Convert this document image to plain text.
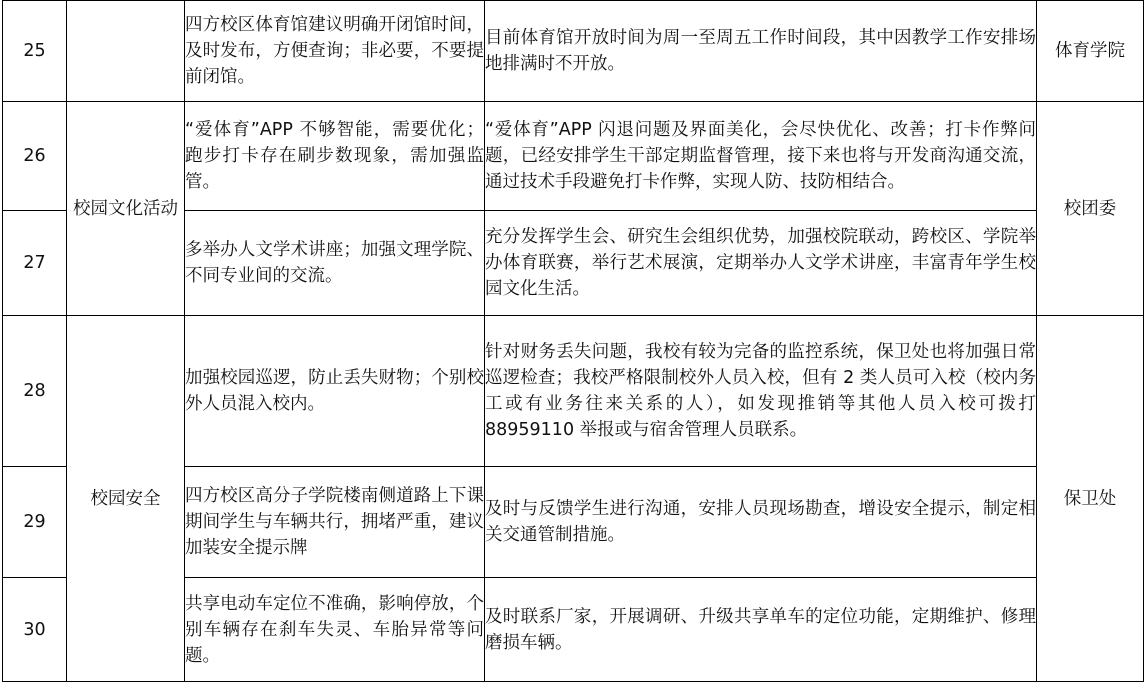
25		四方校区体育馆建议明确开闭馆时间，及时发布，方便查询；非必要，不要提前闭馆。	目前体育馆开放时间为周一至周五工作时间段，其中因教学工作安排场地排满时不开放。	体育学院
26	校园文化活动	“爱体育”APP 不够智能，需要优化；跑步打卡存在刷步数现象，需加强监管。	“爱体育”APP 闪退问题及界面美化，会尽快优化、改善；打卡作弊问题，已经安排学生干部定期监督管理，接下来也将与开发商沟通交流，通过技术手段避免打卡作弊，实现人防、技防相结合。	校团委
27		多举办人文学术讲座；加强文理学院、不同专业间的交流。	充分发挥学生会、研究生会组织优势，加强校院联动，跨校区、学院举办体育联赛，举行艺术展演，定期举办人文学术讲座，丰富青年学生校园文化生活。	
28	校园安全	加强校园巡逻，防止丢失财物；个别校外人员混入校内。	针对财务丢失问题，我校有较为完备的监控系统，保卫处也将加强日常巡逻检查；我校严格限制校外人员入校，但有 2 类人员可入校（校内务工或有业务往来关系的人），如发现推销等其他人员入校可拨打 88959110 举报或与宿舍管理人员联系。	保卫处
29		四方校区高分子学院楼南侧道路上下课期间学生与车辆共行，拥堵严重，建议加装安全提示牌	及时与反馈学生进行沟通，安排人员现场勘查，增设安全提示，制定相关交通管制措施。	
30		共享电动车定位不准确，影响停放，个别车辆存在刹车失灵、车胎异常等问题。	及时联系厂家，开展调研、升级共享单车的定位功能，定期维护、修理磨损车辆。	
